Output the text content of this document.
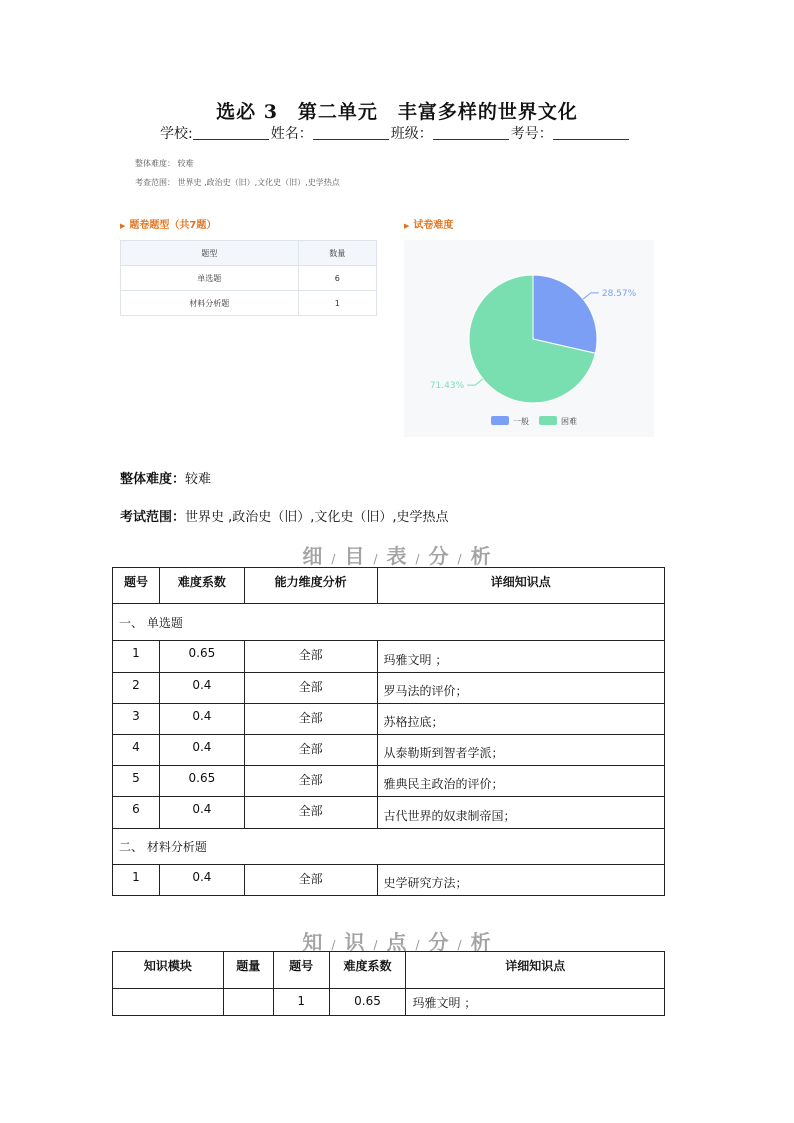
选必 3　第二单元　丰富多样的世界文化
学校:	姓名：	班级：	考号：
整体难度： 较难
考查范围： 世界史 ,政治史（旧）,文化史（旧）,史学热点
▶ 题卷题型（共7题）	▶ 试卷难度
题型	数量
单选题	6
材料分析题	1
28.57%
71.43%
一般	困难
整体难度：较难
考试范围：世界史 ,政治史（旧）,文化史（旧）,史学热点
细 / 目 / 表 / 分 / 析
题号	难度系数	能力维度分析	详细知识点
一、 单选题			
1	0.65	全部	玛雅文明 ；
2	0.4	全部	罗马法的评价；
3	0.4	全部	苏格拉底；
4	0.4	全部	从泰勒斯到智者学派；
5	0.65	全部	雅典民主政治的评价；
6	0.4	全部	古代世界的奴隶制帝国；
二、 材料分析题			
1	0.4	全部	史学研究方法；
知 / 识 / 点 / 分 / 析
知识模块	题量	题号	难度系数	详细知识点
		1	0.65	玛雅文明 ；
